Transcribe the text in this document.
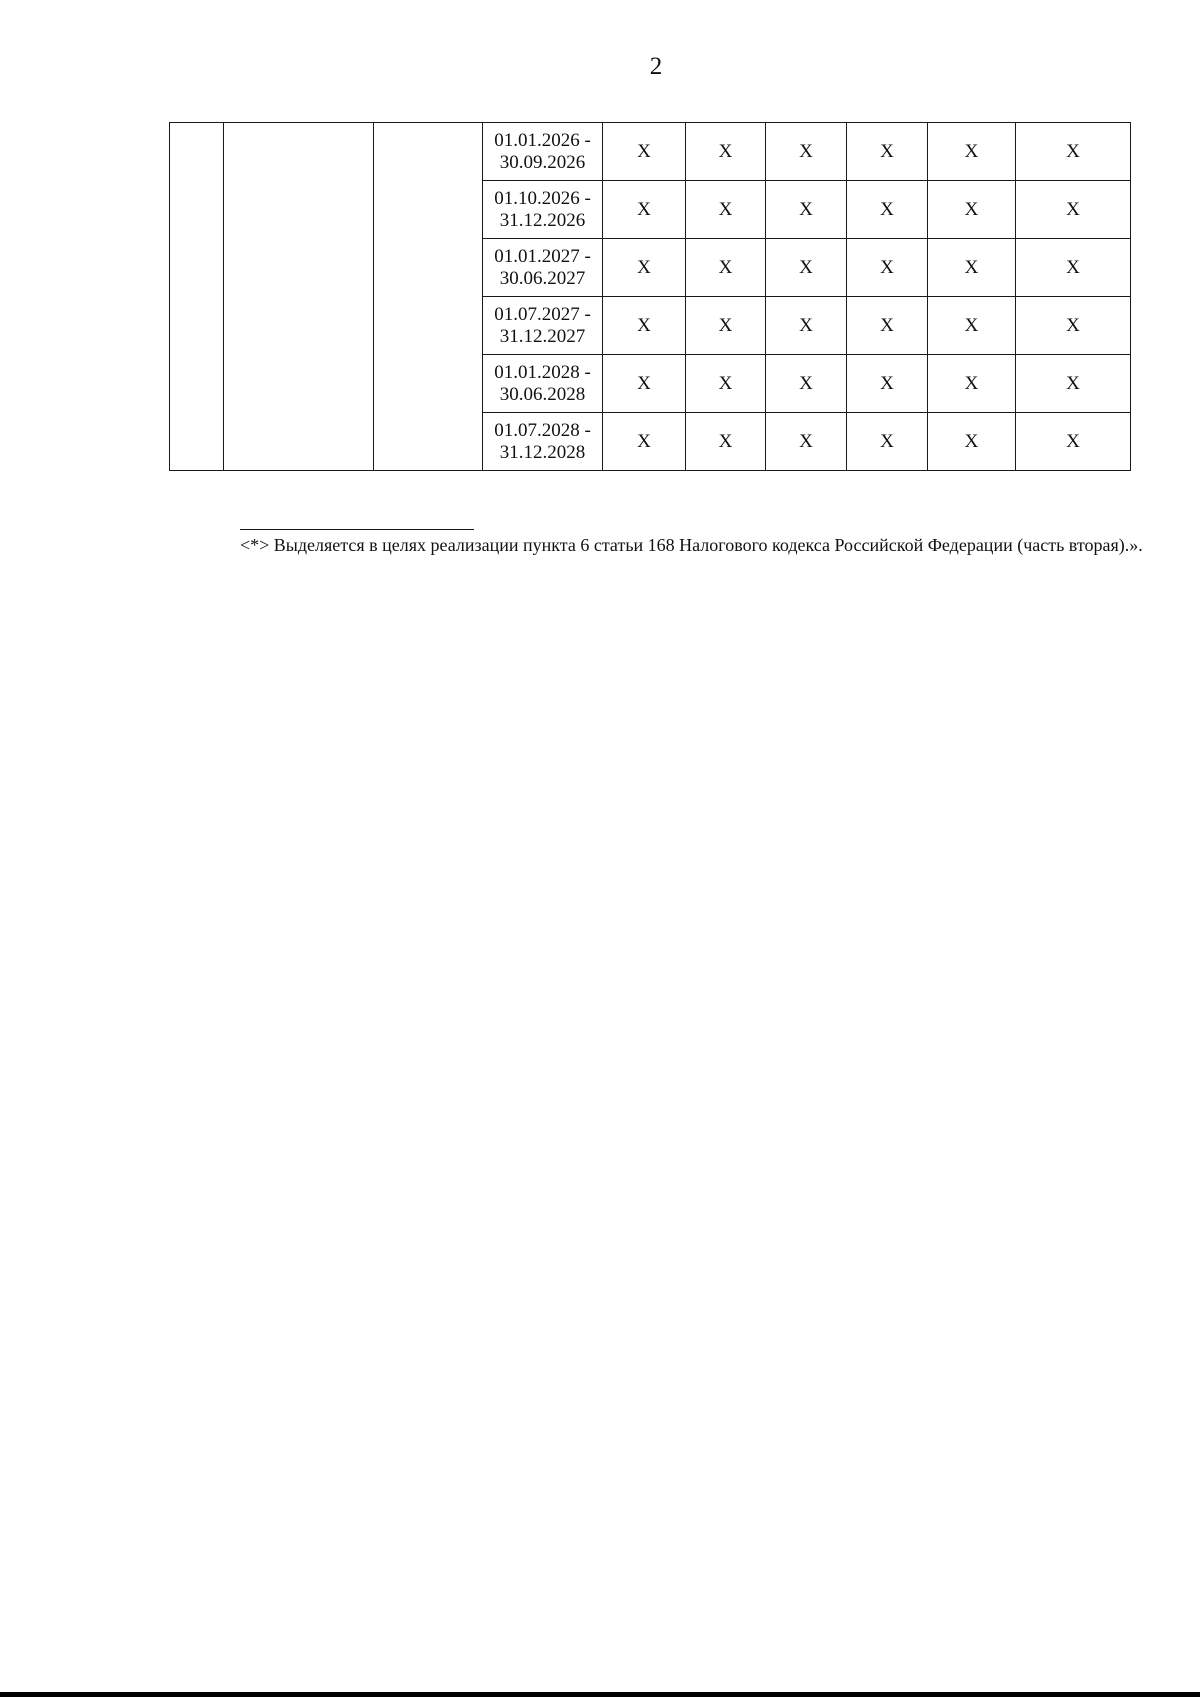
2

			01.01.2026 -
30.09.2026	X	X	X	X	X	X

			01.10.2026 -
31.12.2026	X	X	X	X	X	X

			01.01.2027 -
30.06.2027	X	X	X	X	X	X

			01.07.2027 -
31.12.2027	X	X	X	X	X	X

			01.01.2028 -
30.06.2028	X	X	X	X	X	X

			01.07.2028 -
31.12.2028	X	X	X	X	X	X

<*> Выделяется в целях реализации пункта 6 статьи 168 Налогового кодекса Российской Федерации (часть вторая).».
